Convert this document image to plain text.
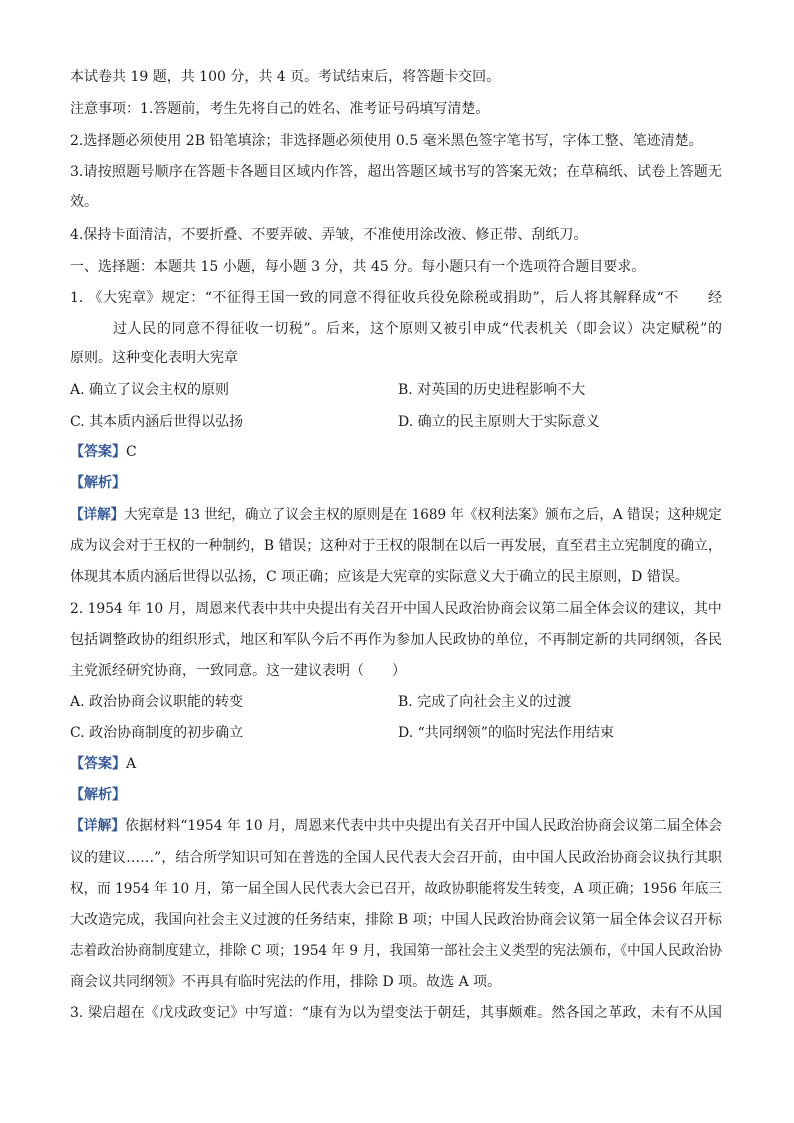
本试卷共 19 题，共 100 分，共 4 页。考试结束后，将答题卡交回。
注意事项：1.答题前，考生先将自己的姓名、准考证号码填写清楚。
2.选择题必须使用 2B 铅笔填涂；非选择题必须使用 0.5 毫米黑色签字笔书写，字体工整、笔迹清楚。
3.请按照题号顺序在答题卡各题目区域内作答，超出答题区域书写的答案无效；在草稿纸、试卷上答题无
效。
4.保持卡面清洁，不要折叠、不要弄破、弄皱，不准使用涂改液、修正带、刮纸刀。
一、选择题：本题共 15 小题，每小题 3 分，共 45 分。每小题只有一个选项符合题目要求。
1. 《大宪章》规定：“不征得王国一致的同意不得征收兵役免除税或捐助”，后人将其解释成“不　　经
过人民的同意不得征收一切税”。后来，这个原则又被引申成“代表机关（即会议）决定赋税”的
原则。这种变化表明大宪章
A. 确立了议会主权的原则	B. 对英国的历史进程影响不大
C. 其本质内涵后世得以弘扬	D. 确立的民主原则大于实际意义
【答案】C
【解析】
【详解】大宪章是 13 世纪，确立了议会主权的原则是在 1689 年《权利法案》颁布之后，A 错误；这种规定
成为议会对于王权的一种制约，B 错误；这种对于王权的限制在以后一再发展，直至君主立宪制度的确立，
体现其本质内涵后世得以弘扬，C 项正确；应该是大宪章的实际意义大于确立的民主原则，D 错误。
2. 1954 年 10 月，周恩来代表中共中央提出有关召开中国人民政治协商会议第二届全体会议的建议，其中
包括调整政协的组织形式，地区和军队今后不再作为参加人民政协的单位，不再制定新的共同纲领，各民
主党派经研究协商，一致同意。这一建议表明（　　）
A. 政治协商会议职能的转变	B. 完成了向社会主义的过渡
C. 政治协商制度的初步确立	D. “共同纲领”的临时宪法作用结束
【答案】A
【解析】
【详解】依据材料“1954 年 10 月，周恩来代表中共中央提出有关召开中国人民政治协商会议第二届全体会
议的建议……”，结合所学知识可知在普选的全国人民代表大会召开前，由中国人民政治协商会议执行其职
权，而 1954 年 10 月，第一届全国人民代表大会已召开，故政协职能将发生转变，A 项正确；1956 年底三
大改造完成，我国向社会主义过渡的任务结束，排除 B 项；中国人民政治协商会议第一届全体会议召开标
志着政治协商制度建立，排除 C 项；1954 年 9 月，我国第一部社会主义类型的宪法颁布，《中国人民政治协
商会议共同纲领》不再具有临时宪法的作用，排除 D 项。故选 A 项。
3. 梁启超在《戊戌政变记》中写道：“康有为以为望变法于朝廷，其事颇难。然各国之革政，未有不从国
